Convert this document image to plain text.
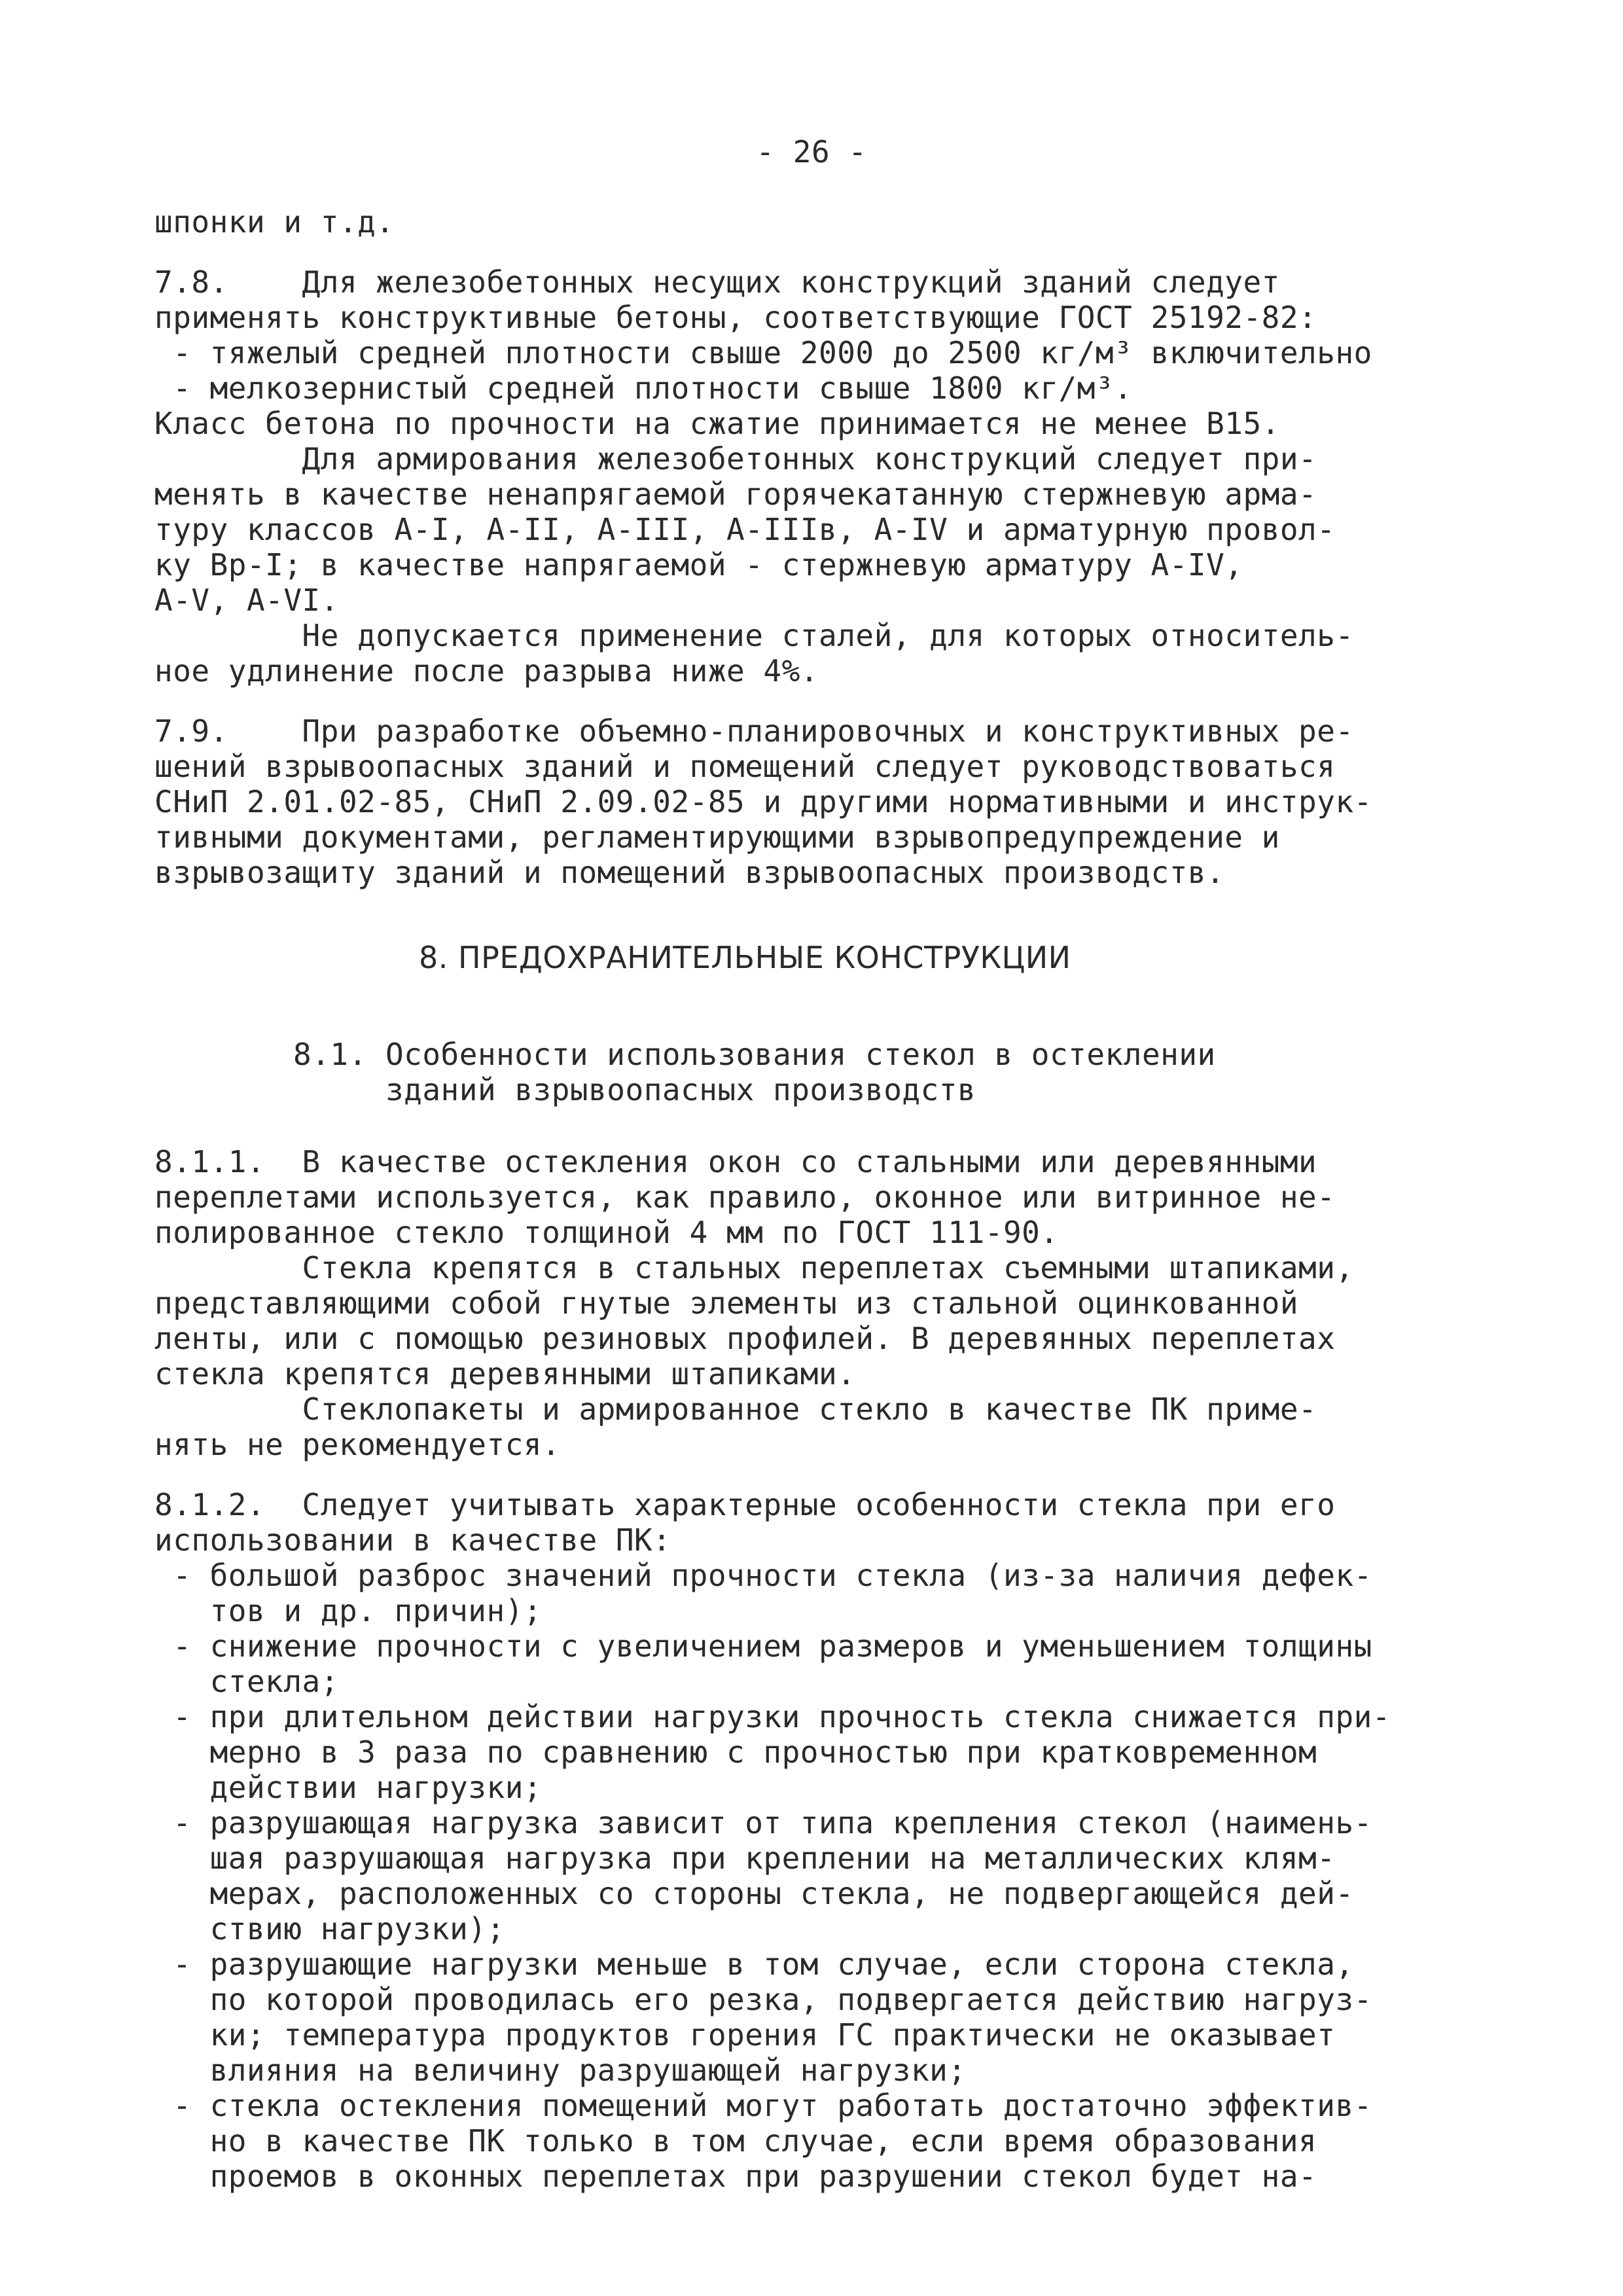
- 26 -
шпонки и т.д.
7.8.    Для железобетонных несущих конструкций зданий следует
применять конструктивные бетоны, соответствующие ГОСТ 25192-82:
- тяжелый средней плотности свыше 2000 до 2500 кг/м³ включительно
- мелкозернистый средней плотности свыше 1800 кг/м³.
Класс бетона по прочности на сжатие принимается не менее В15.
Для армирования железобетонных конструкций следует при-
менять в качестве ненапрягаемой горячекатанную стержневую арма-
туру классов А-I, А-II, А-III, А-IIIв, А-IV и арматурную провол-
ку Вр-I; в качестве напрягаемой - стержневую арматуру А-IV,
А-V, А-VI.
Не допускается применение сталей, для которых относитель-
ное удлинение после разрыва ниже 4%.
7.9.    При разработке объемно-планировочных и конструктивных ре-
шений взрывоопасных зданий и помещений следует руководствоваться
СНиП 2.01.02-85, СНиП 2.09.02-85 и другими нормативными и инструк-
тивными документами, регламентирующими взрывопредупреждение и
взрывозащиту зданий и помещений взрывоопасных производств.
8. ПРЕДОХРАНИТЕЛЬНЫЕ КОНСТРУКЦИИ
8.1. Особенности использования стекол в остеклении
зданий взрывоопасных производств
8.1.1.  В качестве остекления окон со стальными или деревянными
переплетами используется, как правило, оконное или витринное не-
полированное стекло толщиной 4 мм по ГОСТ 111-90.
Стекла крепятся в стальных переплетах съемными штапиками,
представляющими собой гнутые элементы из стальной оцинкованной
ленты, или с помощью резиновых профилей. В деревянных переплетах
стекла крепятся деревянными штапиками.
Стеклопакеты и армированное стекло в качестве ПК приме-
нять не рекомендуется.
8.1.2.  Следует учитывать характерные особенности стекла при его
использовании в качестве ПК:
- большой разброс значений прочности стекла (из-за наличия дефек-
тов и др. причин);
- снижение прочности с увеличением размеров и уменьшением толщины
стекла;
- при длительном действии нагрузки прочность стекла снижается при-
мерно в 3 раза по сравнению с прочностью при кратковременном
действии нагрузки;
- разрушающая нагрузка зависит от типа крепления стекол (наимень-
шая разрушающая нагрузка при креплении на металлических клям-
мерах, расположенных со стороны стекла, не подвергающейся дей-
ствию нагрузки);
- разрушающие нагрузки меньше в том случае, если сторона стекла,
по которой проводилась его резка, подвергается действию нагруз-
ки; температура продуктов горения ГС практически не оказывает
влияния на величину разрушающей нагрузки;
- стекла остекления помещений могут работать достаточно эффектив-
но в качестве ПК только в том случае, если время образования
проемов в оконных переплетах при разрушении стекол будет на-
